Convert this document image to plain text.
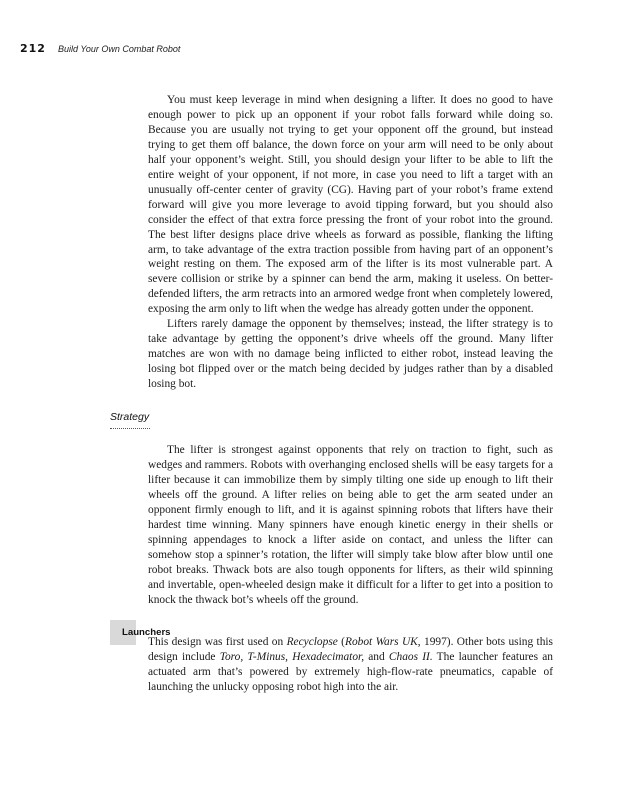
212 Build Your Own Combat Robot

You must keep leverage in mind when designing a lifter. It does no good to have enough power to pick up an opponent if your robot falls forward while doing so. Because you are usually not trying to get your opponent off the ground, but instead trying to get them off balance, the down force on your arm will need to be only about half your opponent’s weight. Still, you should design your lifter to be able to lift the entire weight of your opponent, if not more, in case you need to lift a target with an unusually off-center center of gravity (CG). Having part of your robot’s frame extend forward will give you more leverage to avoid tipping forward, but you should also consider the effect of that extra force pressing the front of your robot into the ground. The best lifter designs place drive wheels as forward as possible, flanking the lifting arm, to take advantage of the extra traction possible from having part of an opponent’s weight resting on them. The exposed arm of the lifter is its most vulnerable part. A severe collision or strike by a spinner can bend the arm, making it useless. On better-defended lifters, the arm retracts into an armored wedge front when completely lowered, exposing the arm only to lift when the wedge has already gotten under the opponent.

Lifters rarely damage the opponent by themselves; instead, the lifter strategy is to take advantage by getting the opponent’s drive wheels off the ground. Many lifter matches are won with no damage being inflicted to either robot, instead leaving the losing bot flipped over or the match being decided by judges rather than by a disabled losing bot.

Strategy

The lifter is strongest against opponents that rely on traction to fight, such as wedges and rammers. Robots with overhanging enclosed shells will be easy targets for a lifter because it can immobilize them by simply tilting one side up enough to lift their wheels off the ground. A lifter relies on being able to get the arm seated under an opponent firmly enough to lift, and it is against spinning robots that lifters have their hardest time winning. Many spinners have enough kinetic energy in their shells or spinning appendages to knock a lifter aside on contact, and unless the lifter can somehow stop a spinner’s rotation, the lifter will simply take blow after blow until one robot breaks. Thwack bots are also tough opponents for lifters, as their wild spinning and invertable, open-wheeled design make it difficult for a lifter to get into a position to knock the thwack bot’s wheels off the ground.

Launchers

This design was first used on Recyclopse (Robot Wars UK, 1997). Other bots using this design include Toro, T-Minus, Hexadecimator, and Chaos II. The launcher features an actuated arm that’s powered by extremely high-flow-rate pneumatics, capable of launching the unlucky opposing robot high into the air.
